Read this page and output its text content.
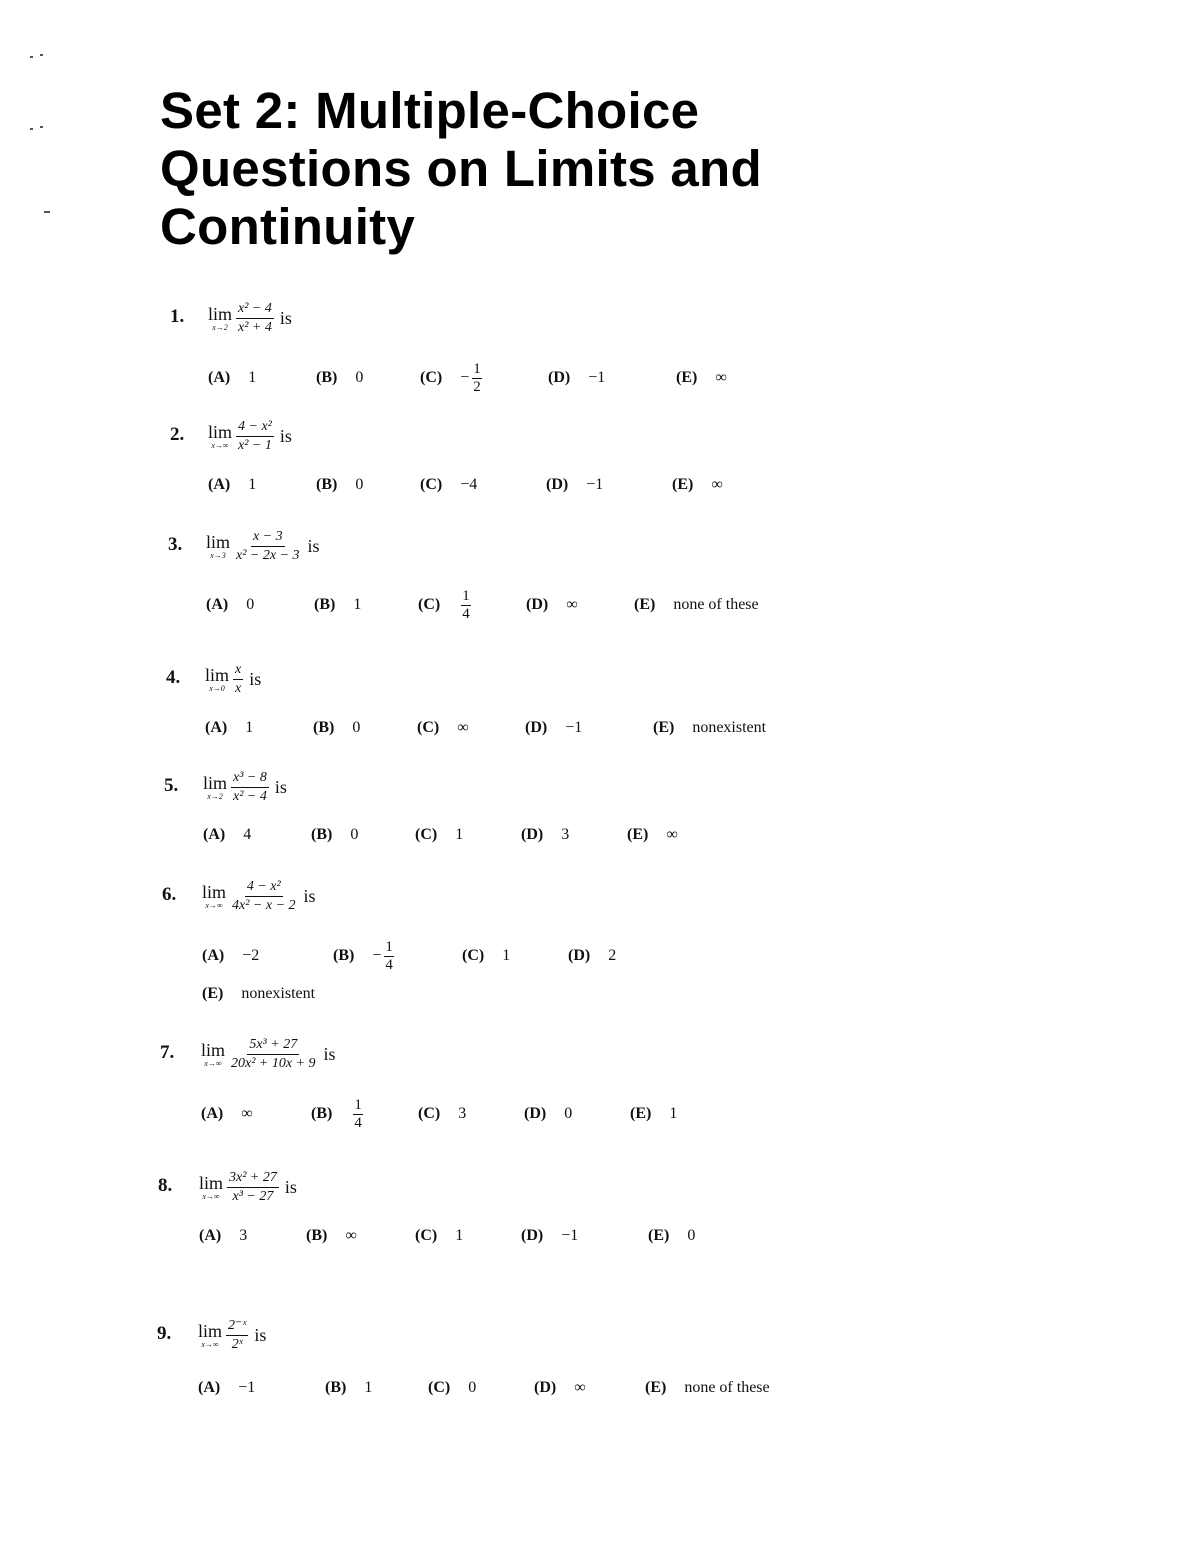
Set 2: Multiple-Choice Questions on Limits and Continuity
1. lim
$x\to 2 \frac{\text{x² − 4}}{\text{x² + 4}}$ is
(A) 1	(B) 0	$(C) - \frac{1}{2}$	(D) −1	(E) ∞
2. lim
$x\to\infty \frac{\text{4 − x²}}{\text{x² − 1}}$ is
(A) 1	(B) 0	(C) −4	(D) −1	(E) ∞
3. lim
$x\to 3 \frac{x - 3}{\text{x² − 2x − 3}}$ is
(A) 0	(B) 1	$(C) \frac{1}{4}$	(D) ∞	(E) none of these
4. lim
$x\to 0 \frac{x}{x}$ is
(A) 1	(B) 0	(C) ∞	(D) −1	(E) nonexistent
5. lim
$x\to 2 \frac{\text{x³ − 8}}{\text{x² − 4}}$ is
(A) 4	(B) 0	(C) 1	(D) 3	(E) ∞
6. lim
$x\to\infty \frac{\text{4 − x²}}{\text{4x² − x − 2}}$ is
(A) −2	$(B) - \frac{1}{4}$	(C) 1	(D) 2
(E) nonexistent
7. lim
$x\to\infty \frac{\text{5x³ + 27}}{\text{20x² + 10x + 9}}$ is
(A) ∞	$(B) \frac{1}{4}$	(C) 3	(D) 0	(E) 1
8. lim
$x\to\infty \frac{\text{3x² + 27}}{\text{x³ − 27}}$ is
(A) 3	(B) ∞	(C) 1	(D) −1	(E) 0
9. lim
$x\to\infty \frac{\text{2⁻ˣ}}{\text{2ˣ}}$ is
(A) −1	(B) 1	(C) 0	(D) ∞	(E) none of these
